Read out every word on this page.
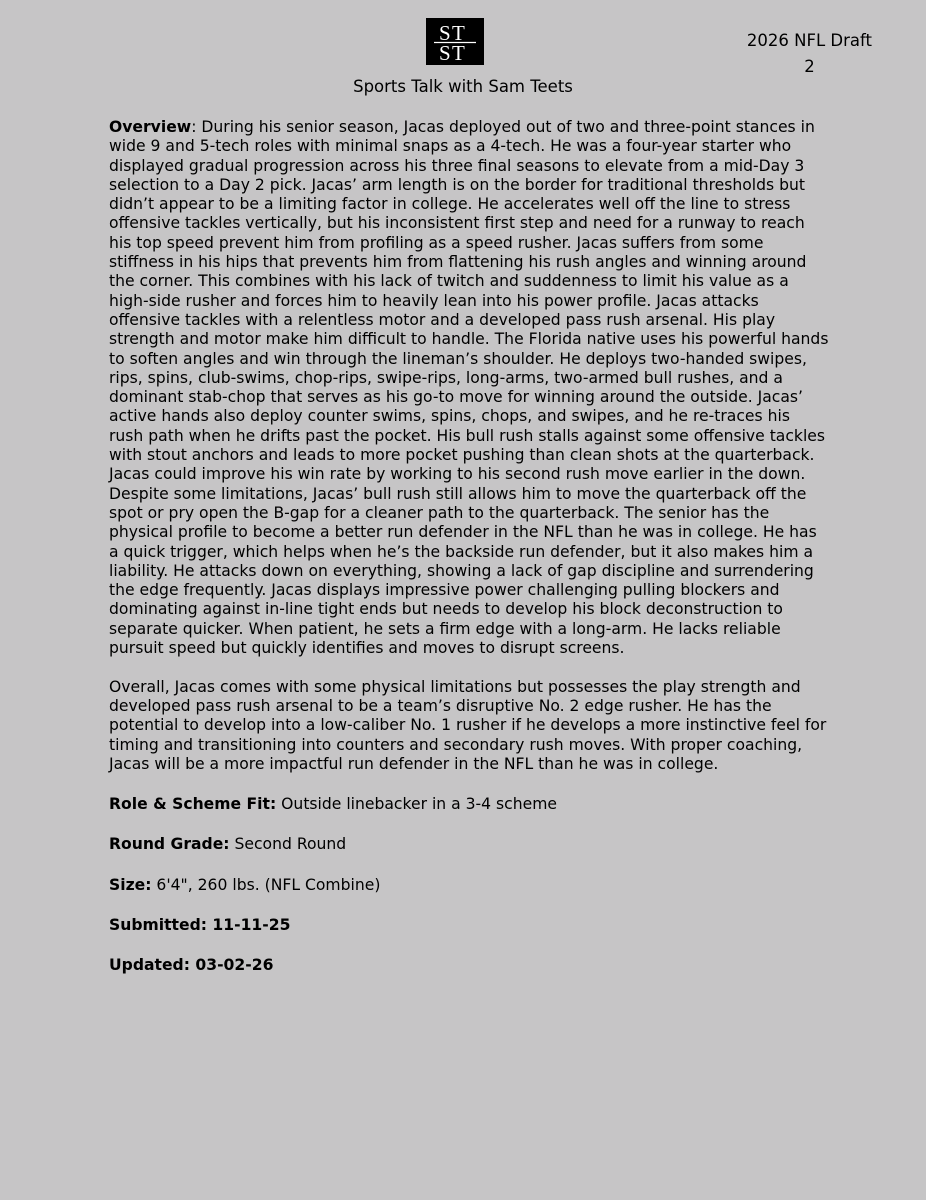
S T
S T
2026 NFL Draft
2
Sports Talk with Sam Teets

Overview: During his senior season, Jacas deployed out of two and three-point stances in wide 9 and 5-tech roles with minimal snaps as a 4-tech. He was a four-year starter who displayed gradual progression across his three final seasons to elevate from a mid-Day 3 selection to a Day 2 pick. Jacas’ arm length is on the border for traditional thresholds but didn’t appear to be a limiting factor in college. He accelerates well off the line to stress offensive tackles vertically, but his inconsistent first step and need for a runway to reach his top speed prevent him from profiling as a speed rusher. Jacas suffers from some stiffness in his hips that prevents him from flattening his rush angles and winning around the corner. This combines with his lack of twitch and suddenness to limit his value as a high-side rusher and forces him to heavily lean into his power profile. Jacas attacks offensive tackles with a relentless motor and a developed pass rush arsenal. His play strength and motor make him difficult to handle. The Florida native uses his powerful hands to soften angles and win through the lineman’s shoulder. He deploys two-handed swipes, rips, spins, club-swims, chop-rips, swipe-rips, long-arms, two-armed bull rushes, and a dominant stab-chop that serves as his go-to move for winning around the outside. Jacas’ active hands also deploy counter swims, spins, chops, and swipes, and he re-traces his rush path when he drifts past the pocket. His bull rush stalls against some offensive tackles with stout anchors and leads to more pocket pushing than clean shots at the quarterback. Jacas could improve his win rate by working to his second rush move earlier in the down. Despite some limitations, Jacas’ bull rush still allows him to move the quarterback off the spot or pry open the B-gap for a cleaner path to the quarterback. The senior has the physical profile to become a better run defender in the NFL than he was in college. He has a quick trigger, which helps when he’s the backside run defender, but it also makes him a liability. He attacks down on everything, showing a lack of gap discipline and surrendering the edge frequently. Jacas displays impressive power challenging pulling blockers and dominating against in-line tight ends but needs to develop his block deconstruction to separate quicker. When patient, he sets a firm edge with a long-arm. He lacks reliable pursuit speed but quickly identifies and moves to disrupt screens.

Overall, Jacas comes with some physical limitations but possesses the play strength and developed pass rush arsenal to be a team’s disruptive No. 2 edge rusher. He has the potential to develop into a low-caliber No. 1 rusher if he develops a more instinctive feel for timing and transitioning into counters and secondary rush moves. With proper coaching, Jacas will be a more impactful run defender in the NFL than he was in college.

Role & Scheme Fit: Outside linebacker in a 3-4 scheme

Round Grade: Second Round

Size: 6'4", 260 lbs. (NFL Combine)

Submitted: 11-11-25

Updated: 03-02-26
